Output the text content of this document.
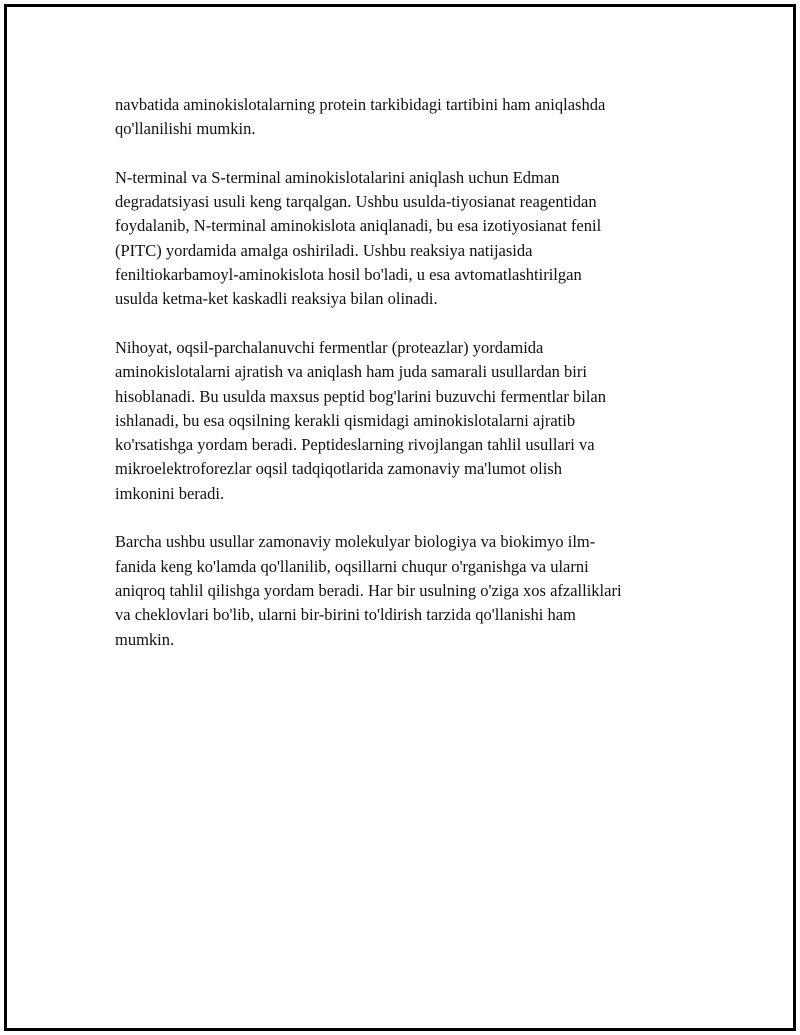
navbatida aminokislotalarning protein tarkibidagi tartibini ham aniqlashda
qo'llanilishi mumkin.

N-terminal va S-terminal aminokislotalarini aniqlash uchun Edman
degradatsiyasi usuli keng tarqalgan. Ushbu usulda-tiyosianat reagentidan
foydalanib, N-terminal aminokislota aniqlanadi, bu esa izotiyosianat fenil
(PITC) yordamida amalga oshiriladi. Ushbu reaksiya natijasida
feniltiokarbamoyl-aminokislota hosil bo'ladi, u esa avtomatlashtirilgan
usulda ketma-ket kaskadli reaksiya bilan olinadi.

Nihoyat, oqsil-parchalanuvchi fermentlar (proteazlar) yordamida
aminokislotalarni ajratish va aniqlash ham juda samarali usullardan biri
hisoblanadi. Bu usulda maxsus peptid bog'larini buzuvchi fermentlar bilan
ishlanadi, bu esa oqsilning kerakli qismidagi aminokislotalarni ajratib
ko'rsatishga yordam beradi. Peptideslarning rivojlangan tahlil usullari va
mikroelektroforezlar oqsil tadqiqotlarida zamonaviy ma'lumot olish
imkonini beradi.

Barcha ushbu usullar zamonaviy molekulyar biologiya va biokimyo ilm-
fanida keng ko'lamda qo'llanilib, oqsillarni chuqur o'rganishga va ularni
aniqroq tahlil qilishga yordam beradi. Har bir usulning o'ziga xos afzalliklari
va cheklovlari bo'lib, ularni bir-birini to'ldirish tarzida qo'llanishi ham
mumkin.
